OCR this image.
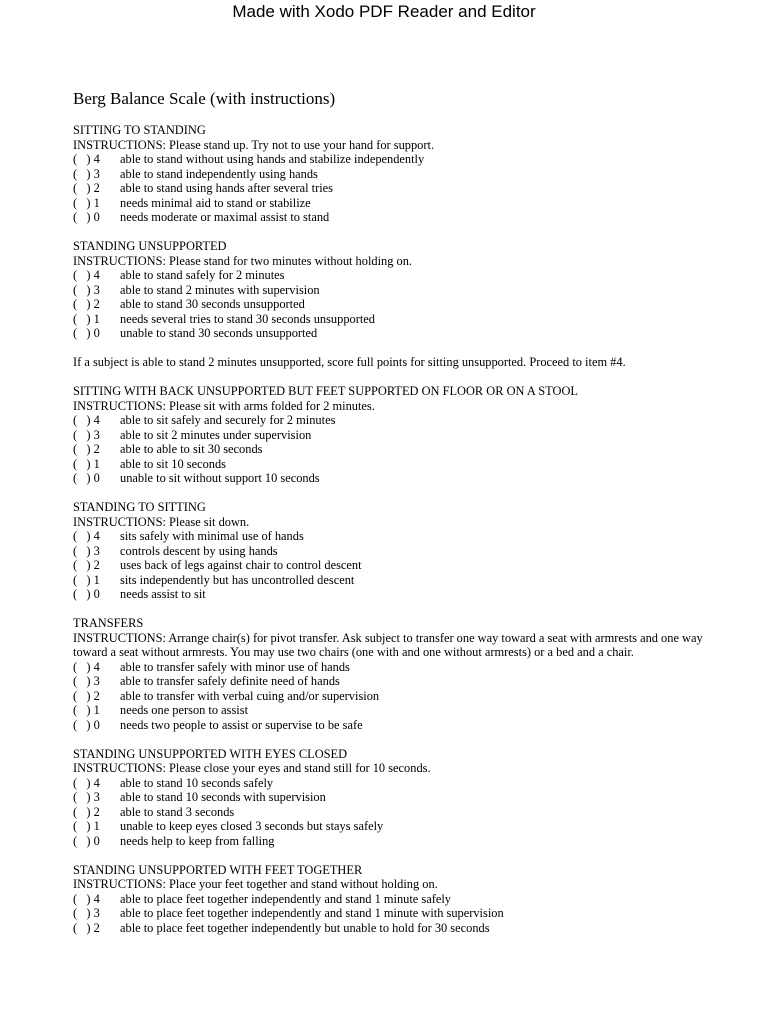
Made with Xodo PDF Reader and Editor
Berg Balance Scale (with instructions)
SITTING TO STANDING
INSTRUCTIONS: Please stand up. Try not to use your hand for support.
(   ) 4	able to stand without using hands and stabilize independently
(   ) 3	able to stand independently using hands
(   ) 2	able to stand using hands after several tries
(   ) 1	needs minimal aid to stand or stabilize
(   ) 0	needs moderate or maximal assist to stand
STANDING UNSUPPORTED
INSTRUCTIONS: Please stand for two minutes without holding on.
(   ) 4	able to stand safely for 2 minutes
(   ) 3	able to stand 2 minutes with supervision
(   ) 2	able to stand 30 seconds unsupported
(   ) 1	needs several tries to stand 30 seconds unsupported
(   ) 0	unable to stand 30 seconds unsupported
If a subject is able to stand 2 minutes unsupported, score full points for sitting unsupported. Proceed to item #4.
SITTING WITH BACK UNSUPPORTED BUT FEET SUPPORTED ON FLOOR OR ON A STOOL
INSTRUCTIONS: Please sit with arms folded for 2 minutes.
(   ) 4	able to sit safely and securely for 2 minutes
(   ) 3	able to sit 2 minutes under supervision
(   ) 2	able to able to sit 30 seconds
(   ) 1	able to sit 10 seconds
(   ) 0	unable to sit without support 10 seconds
STANDING TO SITTING
INSTRUCTIONS: Please sit down.
(   ) 4	sits safely with minimal use of hands
(   ) 3	controls descent by using hands
(   ) 2	uses back of legs against chair to control descent
(   ) 1	sits independently but has uncontrolled descent
(   ) 0	needs assist to sit
TRANSFERS
INSTRUCTIONS: Arrange chair(s) for pivot transfer. Ask subject to transfer one way toward a seat with armrests and one way toward a seat without armrests. You may use two chairs (one with and one without armrests) or a bed and a chair.
(   ) 4	able to transfer safely with minor use of hands
(   ) 3	able to transfer safely definite need of hands
(   ) 2	able to transfer with verbal cuing and/or supervision
(   ) 1	needs one person to assist
(   ) 0	needs two people to assist or supervise to be safe
STANDING UNSUPPORTED WITH EYES CLOSED
INSTRUCTIONS: Please close your eyes and stand still for 10 seconds.
(   ) 4	able to stand 10 seconds safely
(   ) 3	able to stand 10 seconds with supervision
(   ) 2	able to stand 3 seconds
(   ) 1	unable to keep eyes closed 3 seconds but stays safely
(   ) 0	needs help to keep from falling
STANDING UNSUPPORTED WITH FEET TOGETHER
INSTRUCTIONS: Place your feet together and stand without holding on.
(   ) 4	able to place feet together independently and stand 1 minute safely
(   ) 3	able to place feet together independently and stand 1 minute with supervision
(   ) 2	able to place feet together independently but unable to hold for 30 seconds
